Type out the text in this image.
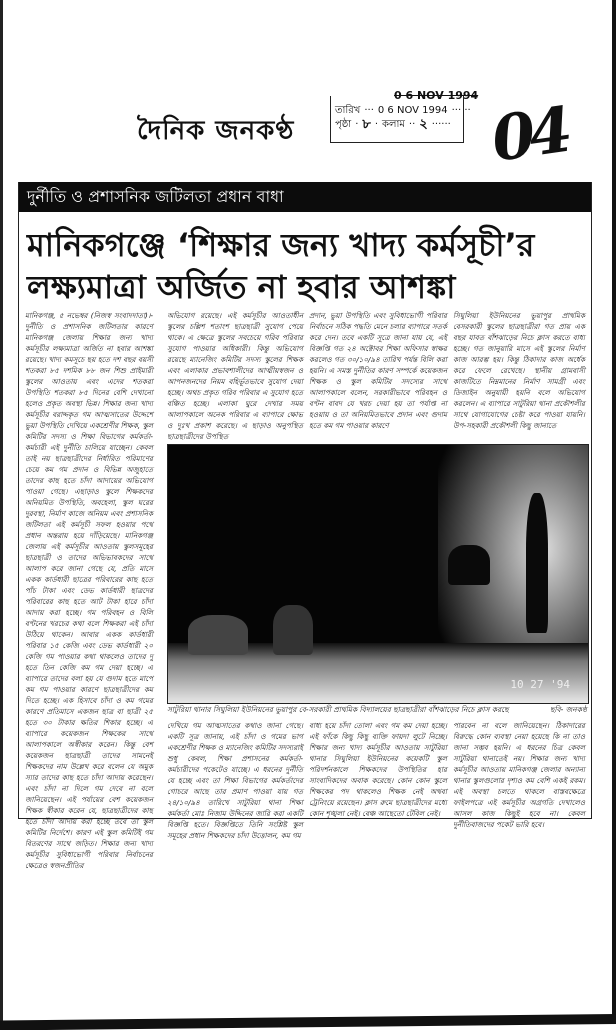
দৈনিক জনকণ্ঠ
0 6 NOV 1994
তারিখ ··· 0 6 NOV 1994 ··· ··
পৃষ্ঠা · ৮ · কলাম ·· ২ ······ 04
দুর্নীতি ও প্রশাসনিক জটিলতা প্রধান বাধা
মানিকগঞ্জে ‘শিক্ষার জন্য খাদ্য কর্মসূচী’র
লক্ষ্যমাত্রা অর্জিত না হবার আশঙ্কা
মানিকগঞ্জ, ৫ নভেম্বর (নিজস্ব সংবাদদাতা)।-দুর্নীতি ও প্রশাসনিক জটিলতার কারণে মানিকগঞ্জ জেলায় শিক্ষার জন্য খাদ্য কর্মসূচীর লক্ষ্যমাত্রা অর্জিত না হবার আশঙ্কা রয়েছে। খাদ্য কমসূচে ছয় হতে দশ বছর বয়সী শতকরা ৮৫ দশমিক ৮৮ জন শিশু প্রাইমারী স্কুলের আওতায় এবং এদের শতকরা উপস্থিতি শতকরা ৮৫ দিনের বেশি দেখানো হলেও প্রকৃত অবস্থা ভিন্ন। শিক্ষার জন্য খাদ্য কর্মসূচীর বরাদ্দকৃত গম আত্মসাতের উদ্দেশে ভুয়া উপস্থিতি দেখিয়ে একশ্রেণীর শিক্ষক, স্কুল কমিটির সদস্য ও শিক্ষা বিভাগের কর্মকর্তা-কর্মচারী এই দুর্নীতি চালিয়ে যাচ্ছেন। কেবল তাই নয় ছাত্রছাত্রীদের নির্ধারিত পরিমাণের চেয়ে কম গম প্রদান ও বিভিন্ন অজুহাতে তাদের কাছ হতে চাঁদা আদায়ের অভিযোগ পাওয়া গেছে। এছাড়াও স্কুলে শিক্ষকদের অনিয়মিত উপস্থিতি, অবহেলা, স্কুল ঘরের দুরবস্থা, নির্মাণ কাজে অনিয়ম এবং প্রশাসনিক জটিলতা এই কর্মসূচী সফল হওয়ার পথে প্রধান অন্তরায় হয়ে দাঁড়িয়েছে। মানিকগঞ্জ জেলায় এই কর্মসূচীর আওতায় স্কুলসমূহের ছাত্রছাত্রী ও তাদের অভিভাবকদের সাথে আলাপ করে জানা গেছে যে, প্রতি মাসে একক কার্ডধারী ছাত্রের পরিবারের কাছ হতে পাঁচ টাকা এবং ডেভ কার্ডধারী ছাত্রদের পরিবারের কাছ হতে আট টাকা হারে চাঁদা আদায় করা হচ্ছে। গম পরিবহন ও বিলি বণ্টনের খরচের কথা বলে শিক্ষকরা এই চাঁদা উঠিয়ে থাকেন। আবার একক কার্ডধারী পরিবার ১৫ কেজি এবং ডেভ কার্ডধারী ২০ কেজি গম পাওয়ার কথা থাকলেও তাদের দু হতে তিন কেজি কম গম দেয়া হচ্ছে। এ ব্যাপারে তাদের বলা হয় যে গুদাম হতে মাপে কম গম পাওয়ার কারণে ছাত্রছাত্রীদের কম দিতে হচ্ছে। এক হিসাবে চাঁদা ও কম গমের কারণে প্রতিমাসে একজন ছাত্র বা ছাত্রী ২৫ হতে ৩০ টাকার ক্ষতির শিকার হচ্ছে। এ ব্যাপারে কয়েকজন শিক্ষকের সাথে আলাপকালে অস্বীকার করেন। কিন্তু বেশ কয়েকজন ছাত্রছাত্রী তাদের সামনেই শিক্ষকদের নাম উল্লেখ করে বলেন যে অমুক স্যার তাদের কাছ হতে চাঁদা আদায় করেছেন। এবং চাঁদা না দিলে গম দেবে না বলে জানিয়েছেন। এই পর্যায়ের বেশ কয়েকজন শিক্ষক স্বীকার করেন যে, ছাত্রছাত্রীদের কাছ হতে চাঁদা আদায় করা হচ্ছে তবে তা স্কুল কমিটির নির্দেশে। কারণ এই স্কুল কমিটিই গম বিতরণের সাথে জড়িত। শিক্ষার জন্য খাদ্য কর্মসূচীর সুবিধাভোগী পরিবার নির্বাচনের ক্ষেত্রেও স্বজনপ্রীতির
অভিযোগ রয়েছে। এই কর্মসূচীর আওতাধীন স্কুলের চল্লিশ শতাংশ ছাত্রছাত্রী সুযোগ পেয়ে থাকে। এ ক্ষেত্রে স্কুলের সবচেয়ে গরিব পরিবার সুযোগ পাওয়ার অধিকারী। কিন্তু অভিযোগ রয়েছে ম্যানেজিং কমিটির সদস্য স্কুলের শিক্ষক এবং এলাকার প্রভাবশালীদের আত্মীয়স্বজন ও আপনজনদের নিয়ম বহির্ভূতভাবে সুযোগ দেয়া হচ্ছে। অথচ প্রকৃত গরিব পরিবার এ সুযোগ হতে বঞ্চিত হচ্ছে। এলাকা ঘুরে দেখার সময় আলাপকালে অনেক পরিবার এ ব্যাপারে ক্ষোভ ও দুঃখ প্রকাশ করেছে। এ ছাড়াও অনুপস্থিত ছাত্রছাত্রীদের উপস্থিত
প্রদান, ভুয়া উপস্থিতি এবং সুবিধাভোগী পরিবার নির্বাচনে সঠিক পদ্ধতি মেনে চলার ব্যাপারে সতর্ক করে দেন। তবে একটি সূত্রে জানা যায় যে, এই বিজ্ঞপ্তি গত ২৪ অক্টোবর শিক্ষা অফিসার স্বাক্ষর করলেও গত ৩০/১০/৯৪ তারিখ পর্যন্ত বিলি করা হয়নি। এ সমস্ত দুর্নীতির কারণ সম্পর্কে কয়েকজন শিক্ষক ও স্কুল কমিটির সদস্যের সাথে আলাপকালে বলেন, সরকারীভাবে পরিবহন ও বণ্টন বাবদ যে খরচ দেয়া হয় তা পর্যাপ্ত না হওয়ায় ও তা অনিয়মিতভাবে প্রদান এবং গুদাম হতে কম গম পাওয়ার কারণে
সিঘুলিয়া ইউনিয়নের ভুয়াপুর প্রাথমিক বেসরকারী স্কুলের ছাত্রছাত্রীরা গত প্রায় এক বছর যাবত বাঁশঝাড়ের নিচে ক্লাস করতে বাধ্য হচ্ছে। গত জানুয়ারি মাসে এই স্কুলের নির্মাণ কাজ আরম্ভ হয়। কিন্তু ঠিকাদার কাজ অর্ধেক করে ফেলে রেখেছে। স্থানীয় গ্রামবাসী কাজটিতে নিম্নমানের নির্মাণ সামগ্রী এবং ডিজাইন অনুযায়ী হয়নি বলে অভিযোগ করলেন। এ ব্যাপারে সাটুরিয়া থানা প্রকৌশলীর সাথে যোগাযোগের চেষ্টা করে পাওয়া যায়নি। উপ-সহকারী প্রকৌশলী কিছু জানাতে
10 27 '94
সাটুরিয়া থানার সিঘুলিয়া ইউনিয়নের ভুয়াপুর বে-সরকারী প্রাথমিক বিদ্যালয়ের ছাত্রছাত্রীরা বাঁশঝাড়ের নিচে ক্লাস করছে	ছবি- জনকণ্ঠ
দেখিয়ে গম আত্মসাতের কথাও জানা গেছে। একটি সূত্র জানায়, এই চাঁদা ও গমের ভাগ একশ্রেণীর শিক্ষক ও ম্যানেজিং কমিটির সদস্যরাই শুধু কেবল, শিক্ষা প্রশাসনের কর্মকর্তা-কর্মচারীদের পকেটেও যাচ্ছে। এ ধরনের দুর্নীতি যে হচ্ছে এবং তা শিক্ষা বিভাগের কর্মকর্তাদের গোচরে আছে তার প্রমাণ পাওয়া যায় গত ২৪/১০/৯৪ তারিখে সাটুরিয়া থানা শিক্ষা কর্মকর্তা মোঃ নিজাম উদ্দিনের জারি করা একটি বিজ্ঞপ্তি হতে। বিজ্ঞপ্তিতে তিনি সংশ্লিষ্ট স্কুল সমূহের প্রধান শিক্ষকদের চাঁদা উত্তোলন, কম গম
বাধ্য হয়ে চাঁদা তোলা এবং গম কম দেয়া হচ্ছে। এই ফাঁকে কিছু কিছু ব্যক্তি ফায়দা লুটে নিচ্ছে। শিক্ষার জন্য খাদ্য কর্মসূচীর আওতায় সাটুরিয়া থানার সিঘুলিয়া ইউনিয়নের কয়েকটি স্কুল পরিদর্শনকালে শিক্ষকদের উপস্থিতির হার সাংবাদিকদের অবাক করেছে। কোন কোন স্কুলে শিক্ষকের পদ থাকলেও শিক্ষক নেই অথবা ট্রেনিংয়ে রয়েছেন। ক্লাস রুমে ছাত্রছাত্রীদের মধ্যে কোন শৃঙ্খলা নেই। বেঞ্চ আছেতো টেবিল নেই।
পারবেন না বলে জানিয়েছেন। ঠিকাদারের বিরুদ্ধে কোন ব্যবস্থা নেয়া হয়েছে কি না তাও জানা সম্ভব হয়নি। এ ধরনের চিত্র কেবল সাটুরিয়া থানাতেই নয়। শিক্ষার জন্য খাদ্য কর্মসূচীর আওতায় মানিকগঞ্জ জেলার অন্যান্য থানার স্কুলগুলোর দৃশ্যও কম বেশি একই রকম। এই অবস্থা চলতে থাকলে বাস্তবক্ষেত্রে ফাইলপত্রে এই কর্মসূচীর অগ্রগতি দেখালেও আসল কাজ কিছুই হবে না। কেবল দুর্নীতিবাজদের পকেট ভারি হবে।
